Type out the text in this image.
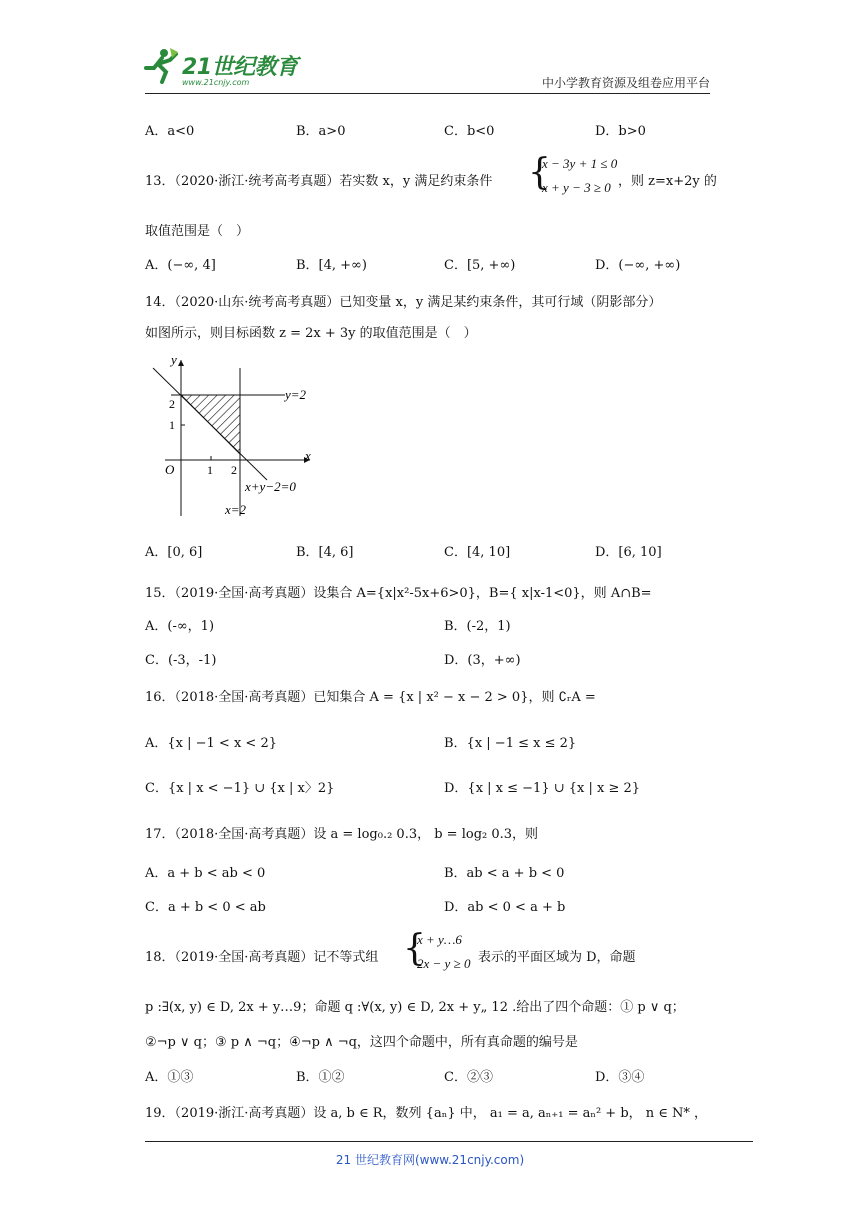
21世纪教育
www.21cnjy.com	中小学教育资源及组卷应用平台
A．a<0	B．a>0	C．b<0	D．b>0
13．（2020·浙江·统考高考真题）若实数 x，y 满足约束条件 {
x − 3y + 1 ≤ 0
x + y − 3 ≥ 0 ，则 z=x+2y 的
取值范围是（　）
A．(−∞, 4]	B．[4, +∞)	C．[5, +∞)	D．(−∞, +∞)
14．（2020·山东·统考高考真题）已知变量 x，y 满足某约束条件，其可行域（阴影部分）
如图所示，则目标函数 z = 2x + 3y 的取值范围是（　）
y
x
O	1 2
1
2
y=2
x+y−2=0
x=2
A．[0, 6]	B．[4, 6]	C．[4, 10]	D．[6, 10]
15．（2019·全国·高考真题）设集合 A={x|x²-5x+6>0}，B={ x|x-1<0}，则 A∩B=
A．(-∞，1)	B．(-2，1)
C．(-3，-1)	D．(3，+∞)
16．（2018·全国·高考真题）已知集合 A = {x | x² − x − 2 > 0}，则 ∁ᵣA =
A．{x | −1 < x < 2}	B．{x | −1 ≤ x ≤ 2}
C．{x | x < −1} ∪ {x | x〉2}	D．{x | x ≤ −1} ∪ {x | x ≥ 2}
17．（2018·全国·高考真题）设 a = log₀.₂ 0.3， b = log₂ 0.3，则
A．a + b < ab < 0	B．ab < a + b < 0
C．a + b < 0 < ab	D．ab < 0 < a + b
18．（2019·全国·高考真题）记不等式组 {
x + y…6
2x − y ≥ 0 表示的平面区域为 D，命题
p :∃(x, y) ∈ D, 2x + y…9；命题 q :∀(x, y) ∈ D, 2x + y„ 12 .给出了四个命题：① p ∨ q；
②¬p ∨ q；③ p ∧ ¬q；④¬p ∧ ¬q，这四个命题中，所有真命题的编号是
A．①③	B．①②	C．②③	D．③④
19．（2019·浙江·高考真题）设 a, b ∈ R，数列 {aₙ} 中， a₁ = a, aₙ₊₁ = aₙ² + b， n ∈ N* ，
21 世纪教育网(www.21cnjy.com)
